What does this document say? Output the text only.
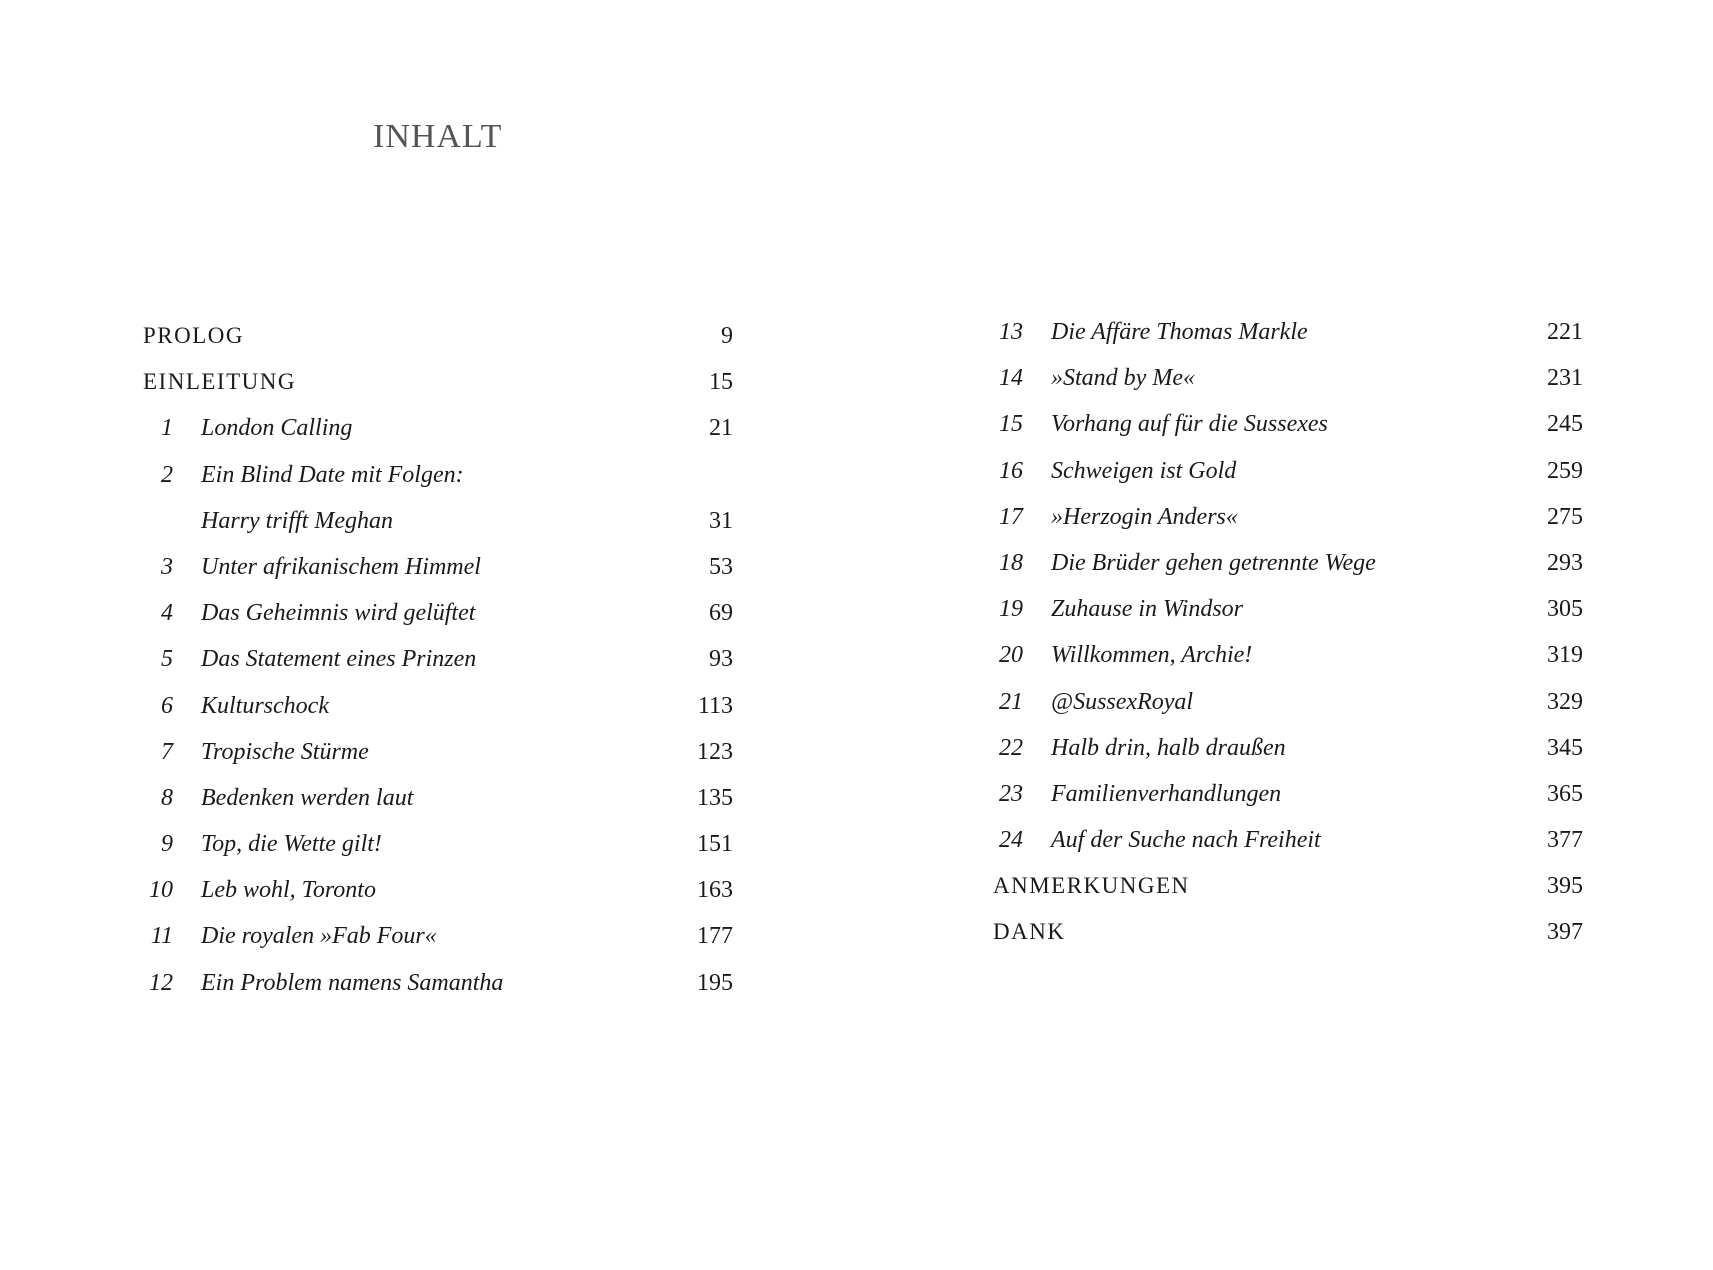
INHALT
PROLOG	9
EINLEITUNG	15
1 London Calling	21
2 Ein Blind Date mit Folgen:
Harry trifft Meghan	31
3 Unter afrikanischem Himmel	53
4 Das Geheimnis wird gelüftet	69
5 Das Statement eines Prinzen	93
6 Kulturschock	113
7 Tropische Stürme	123
8 Bedenken werden laut	135
9 Top, die Wette gilt!	151
10 Leb wohl, Toronto	163
11 Die royalen »Fab Four«	177
12 Ein Problem namens Samantha	195
13 Die Affäre Thomas Markle	221
14 »Stand by Me«	231
15 Vorhang auf für die Sussexes	245
16 Schweigen ist Gold	259
17 »Herzogin Anders«	275
18 Die Brüder gehen getrennte Wege	293
19 Zuhause in Windsor	305
20 Willkommen, Archie!	319
21 @SussexRoyal	329
22 Halb drin, halb draußen	345
23 Familienverhandlungen	365
24 Auf der Suche nach Freiheit	377
ANMERKUNGEN	395
DANK	397
